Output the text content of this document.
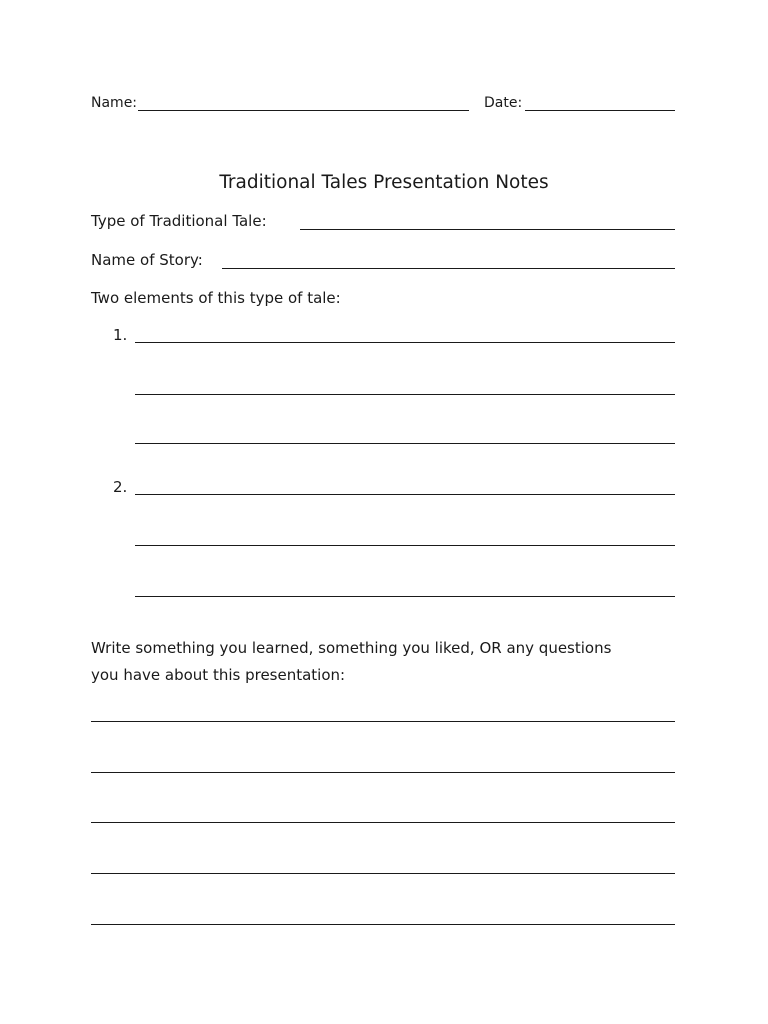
Name:	Date:
Traditional Tales Presentation Notes
Type of Traditional Tale:
Name of Story:
Two elements of this type of tale:
1.
2.
Write something you learned, something you liked, OR any questions
you have about this presentation:
